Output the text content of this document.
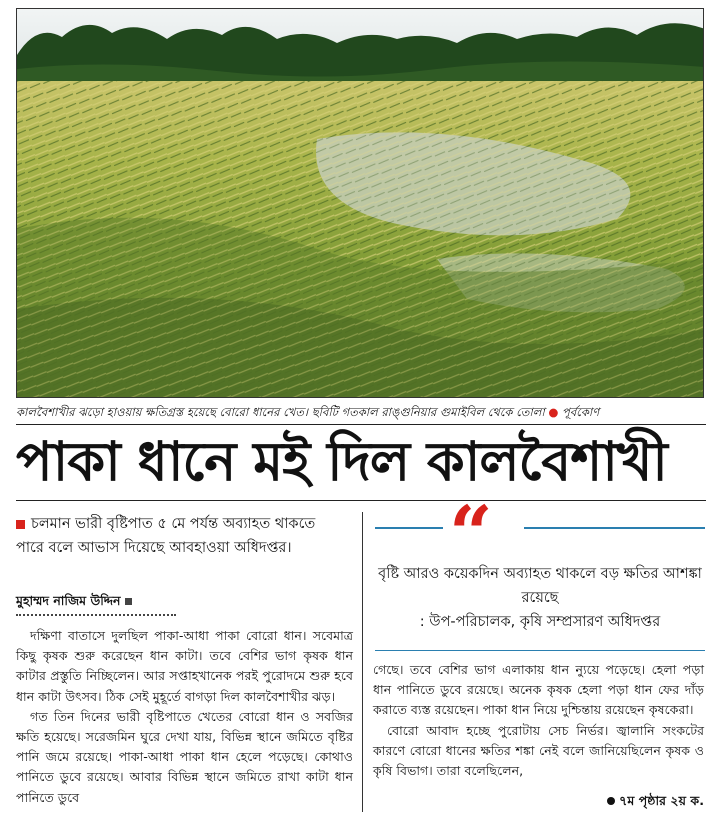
কালবৈশাখীর ঝড়ো হাওয়ায় ক্ষতিগ্রস্ত হয়েছে বোরো ধানের খেত। ছবিটি গতকাল রাঙ্গুনিয়ার গুমাইবিল থেকে তোলা ● পূর্বকোণ
পাকা ধানে মই দিল কালবৈশাখী
চলমান ভারী বৃষ্টিপাত ৫ মে পর্যন্ত অব্যাহত থাকতে পারে বলে আভাস দিয়েছে আবহাওয়া অধিদপ্তর।
মুহাম্মদ নাজিম উদ্দিন
“
বৃষ্টি আরও কয়েকদিন অব্যাহত থাকলে বড় ক্ষতির আশঙ্কা রয়েছে
: উপ-পরিচালক, কৃষি সম্প্রসারণ অধিদপ্তর

দক্ষিণা বাতাসে দুলছিল পাকা-আধা পাকা বোরো ধান। সবেমাত্র কিছু কৃষক শুরু করেছেন ধান কাটা। তবে বেশির ভাগ কৃষক ধান কাটার প্রস্তুতি নিচ্ছিলেন। আর সপ্তাহখানেক পরই পুরোদমে শুরু হবে ধান কাটা উৎসব। ঠিক সেই মুহূর্তে বাগড়া দিল কালবৈশাখীর ঝড়।

গত তিন দিনের ভারী বৃষ্টিপাতে খেতের বোরো ধান ও সবজির ক্ষতি হয়েছে। সরেজমিন ঘুরে দেখা যায়, বিভিন্ন স্থানে জমিতে বৃষ্টির পানি জমে রয়েছে। পাকা-আধা পাকা ধান হেলে পড়েছে। কোথাও পানিতে ডুবে রয়েছে। আবার বিভিন্ন স্থানে জমিতে রাখা কাটা ধান পানিতে ডুবে

গেছে। তবে বেশির ভাগ এলাকায় ধান ন্যুয়ে পড়েছে। হেলা পড়া ধান পানিতে ডুবে রয়েছে। অনেক কৃষক হেলা পড়া ধান ফের দাঁড় করাতে ব্যস্ত রয়েছেন। পাকা ধান নিয়ে দুশ্চিন্তায় রয়েছেন কৃষকেরা।

বোরো আবাদ হচ্ছে পুরোটায় সেচ নির্ভর। জ্বালানি সংকটের কারণে বোরো ধানের ক্ষতির শঙ্কা নেই বলে জানিয়েছিলেন কৃষক ও কৃষি বিভাগ। তারা বলেছিলেন,

৭ম পৃষ্ঠার ২য় ক.
